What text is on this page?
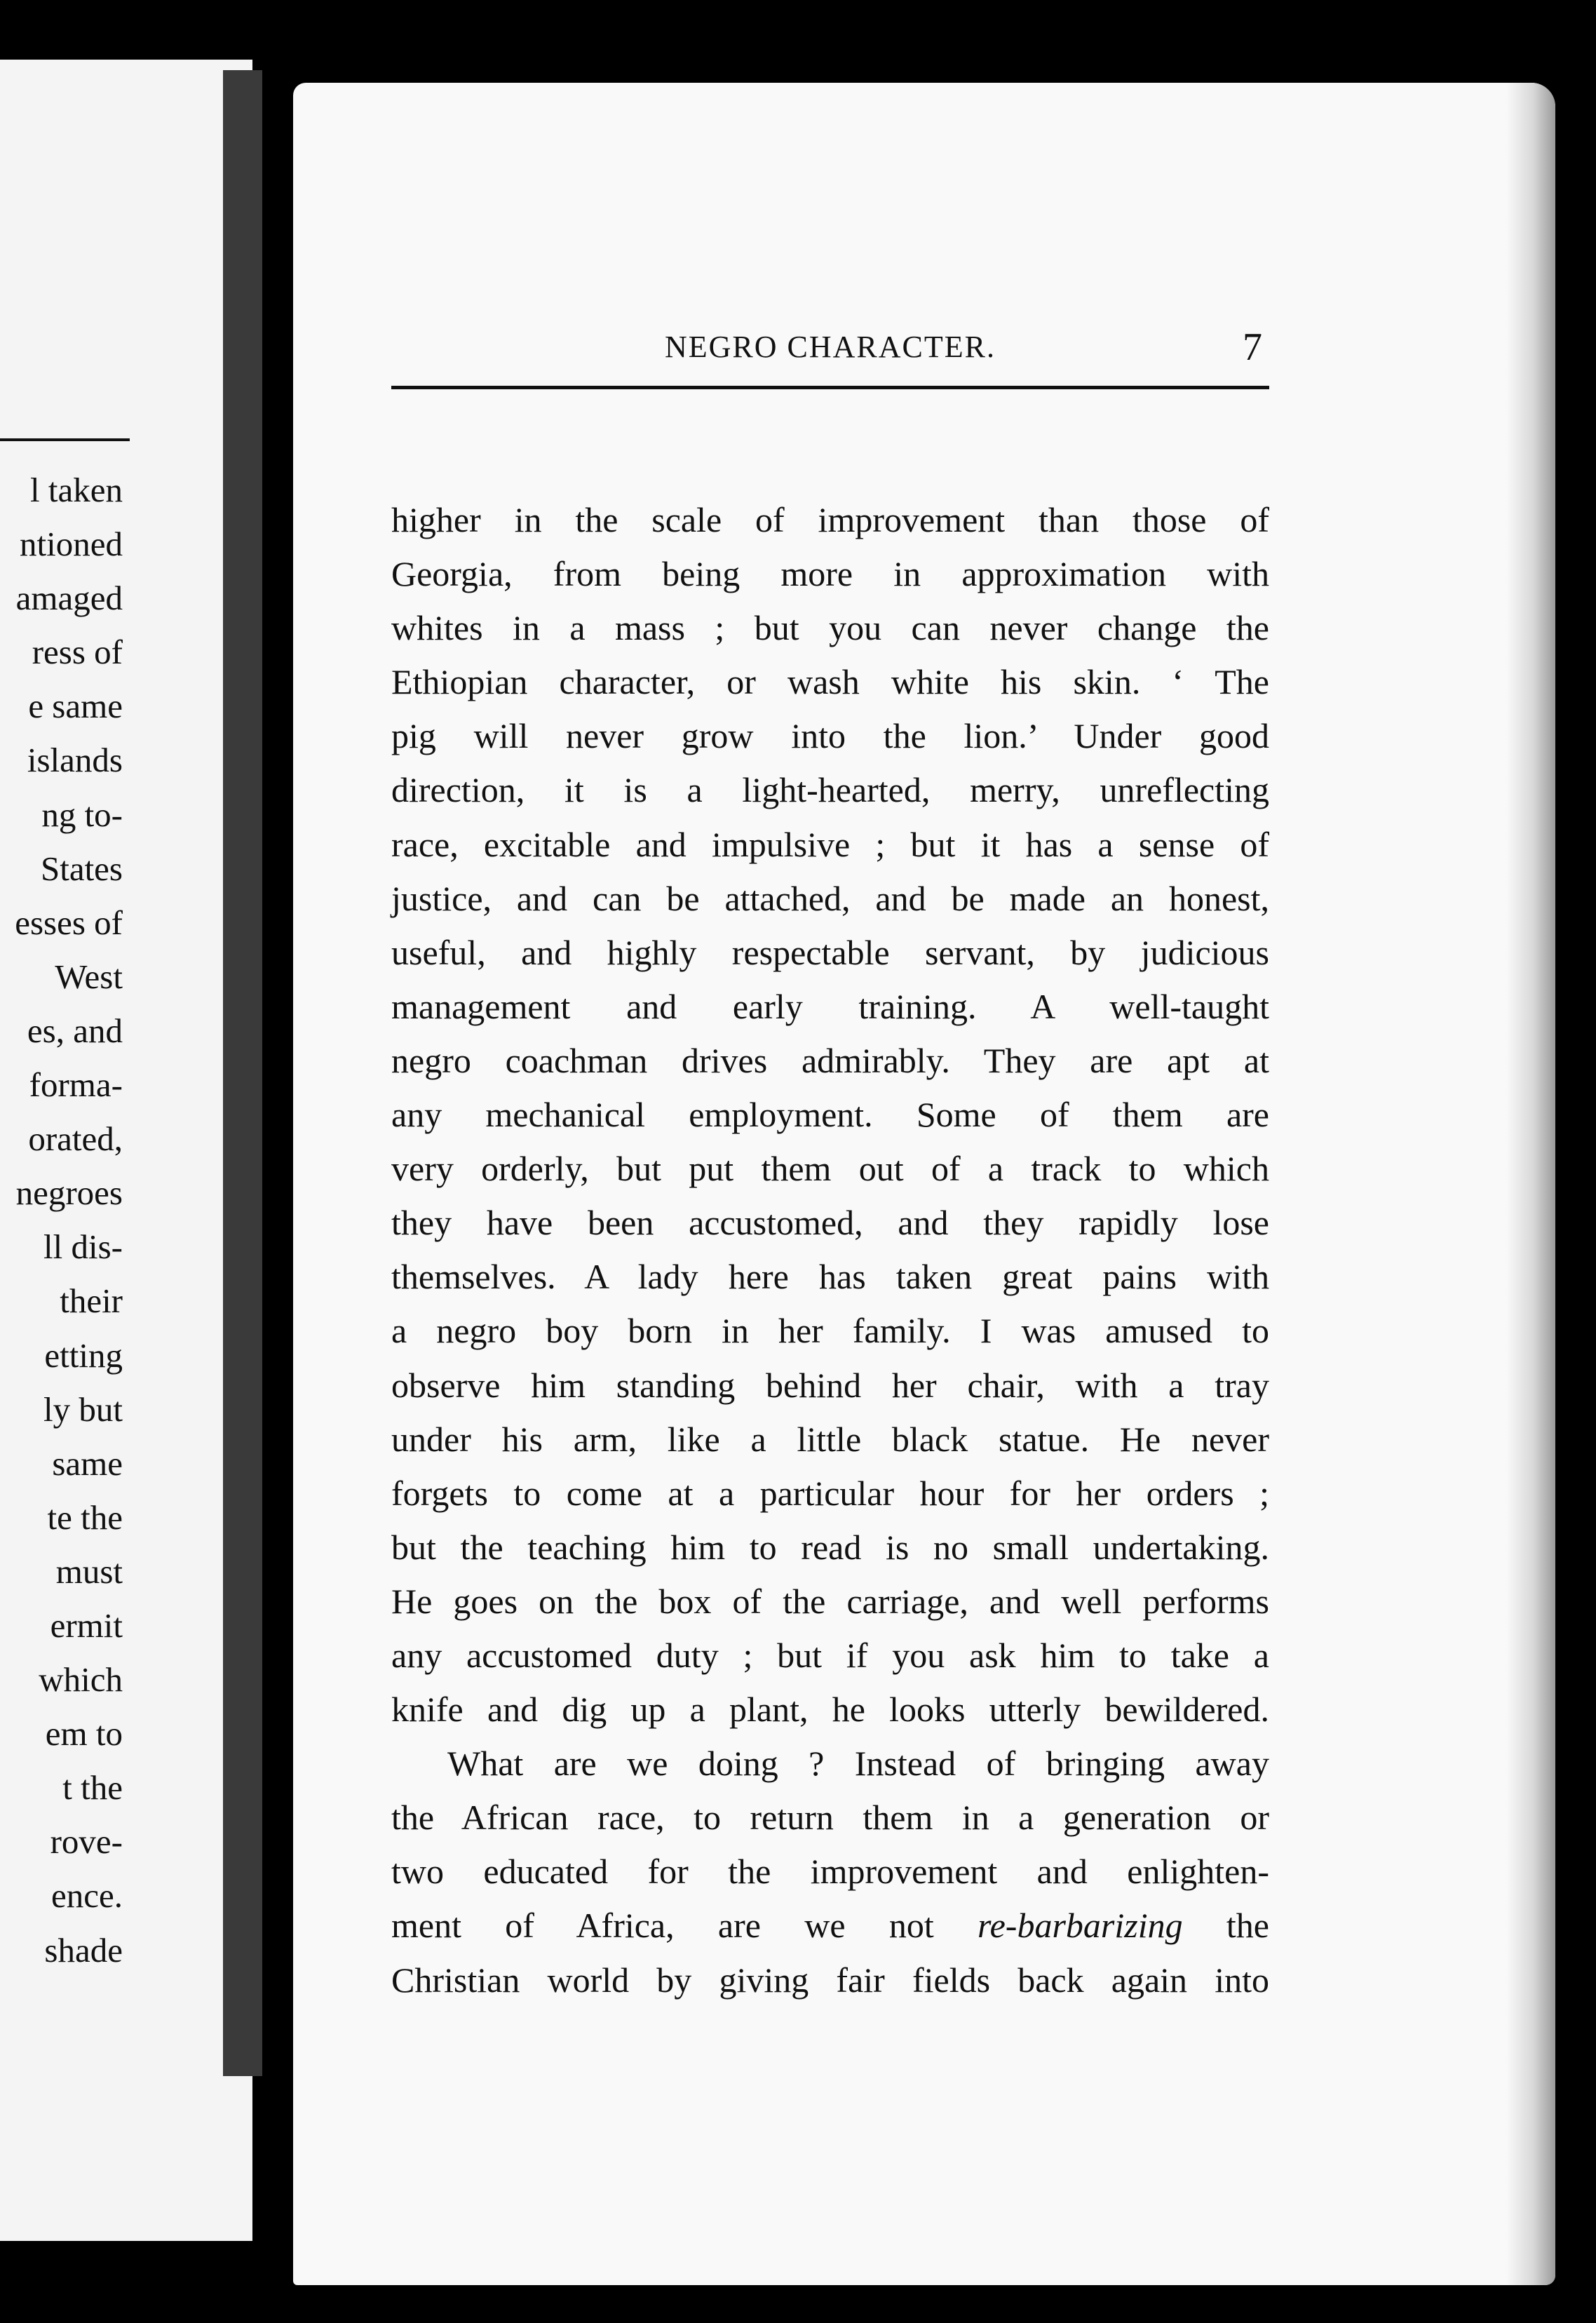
l taken
ntioned
amaged
ress of
e same
islands
ng to-
States
esses of
West
es, and
forma-
orated,
negroes
ll dis-
their
etting
ly but
same
te the
must
ermit
which
em to
t the
rove-
ence.
shade
NEGRO CHARACTER.	7
higher in the scale of improvement than those of
Georgia, from being more in approximation with
whites in a mass ; but you can never change the
Ethiopian character, or wash white his skin. ‘ The
pig will never grow into the lion.’ Under good
direction, it is a light-hearted, merry, unreflecting
race, excitable and impulsive ; but it has a sense of
justice, and can be attached, and be made an honest,
useful, and highly respectable servant, by judicious
management and early training. A well-taught
negro coachman drives admirably. They are apt at
any mechanical employment. Some of them are
very orderly, but put them out of a track to which
they have been accustomed, and they rapidly lose
themselves. A lady here has taken great pains with
a negro boy born in her family. I was amused to
observe him standing behind her chair, with a tray
under his arm, like a little black statue. He never
forgets to come at a particular hour for her orders ;
but the teaching him to read is no small undertaking.
He goes on the box of the carriage, and well performs
any accustomed duty ; but if you ask him to take a
knife and dig up a plant, he looks utterly bewildered.
What are we doing ? Instead of bringing away
the African race, to return them in a generation or
two educated for the improvement and enlighten-
ment of Africa, are we not re-barbarizing the
Christian world by giving fair fields back again into
